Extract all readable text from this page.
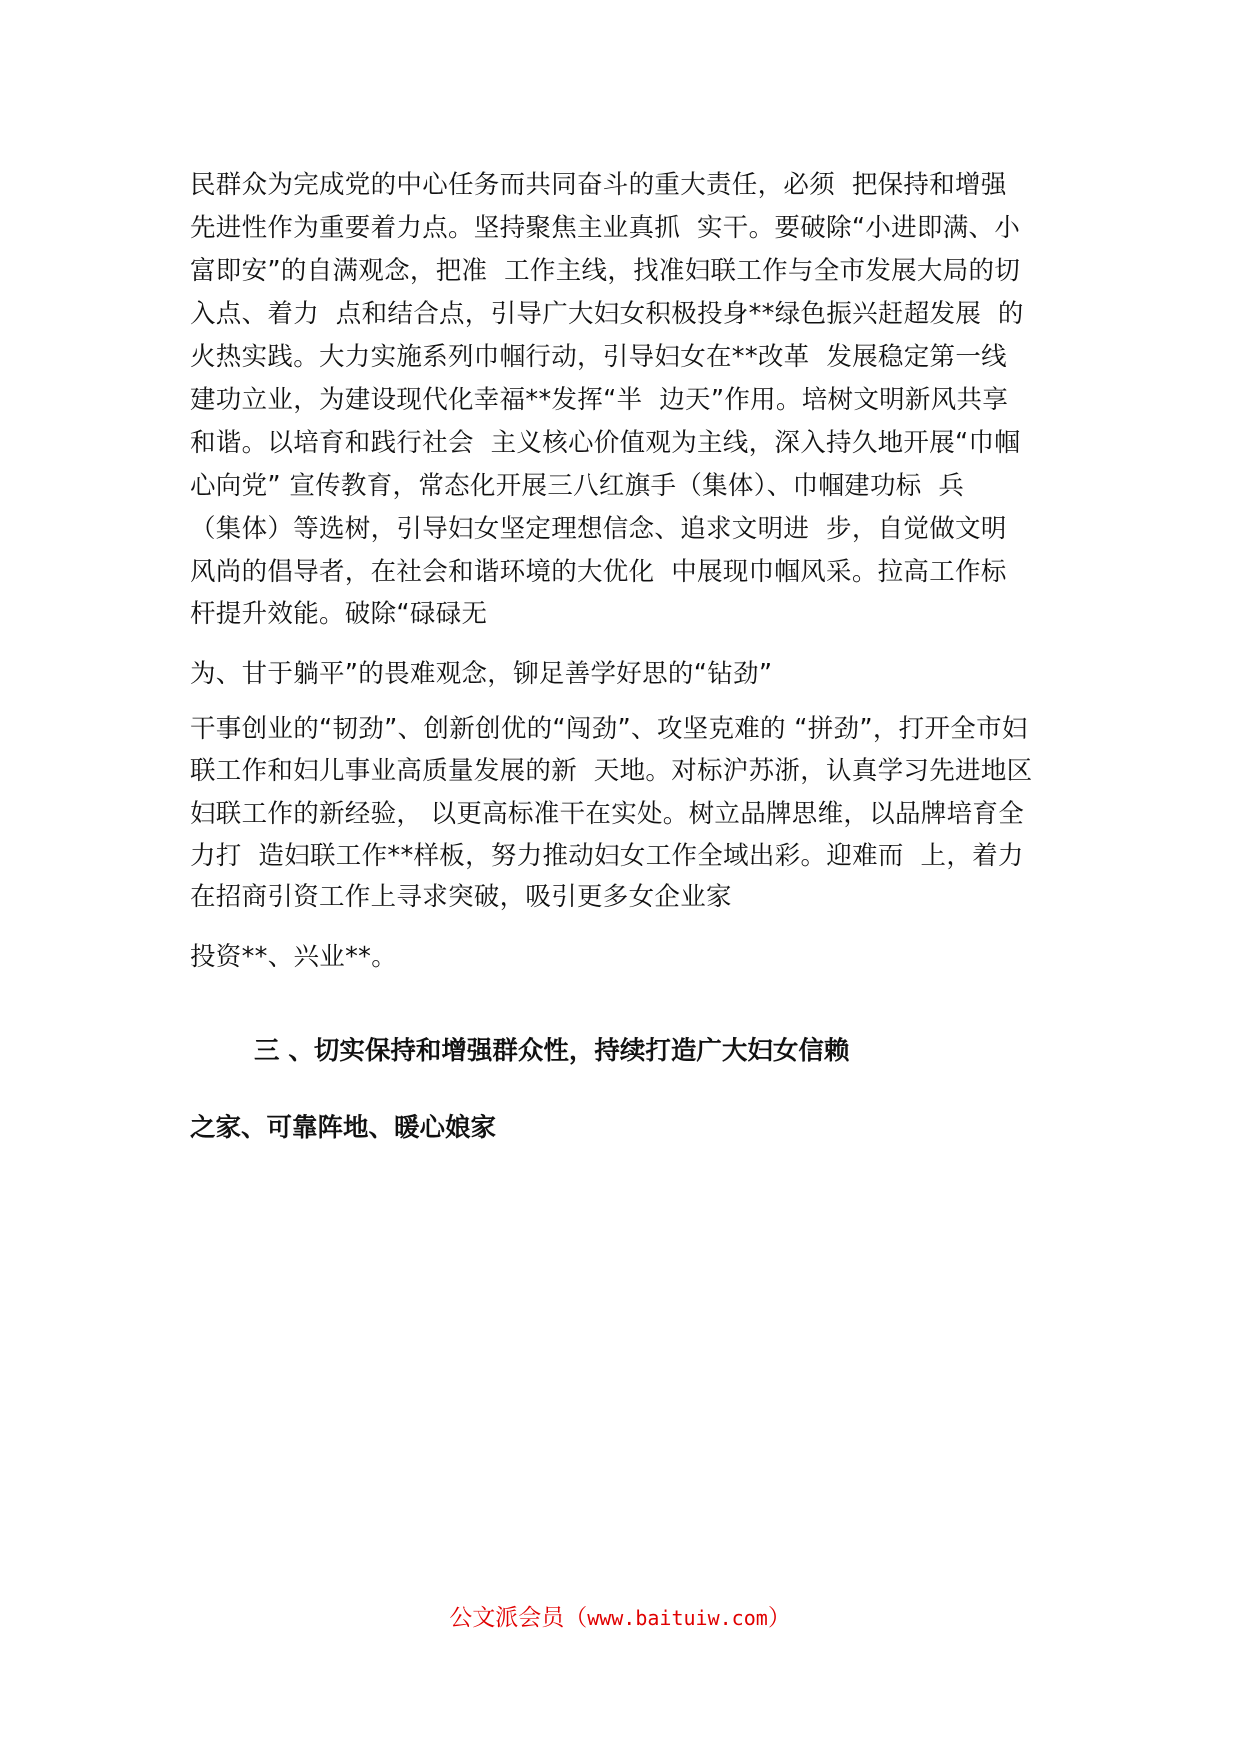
民群众为完成党的中心任务而共同奋斗的重大责任，必须  把保持和增强
先进性作为重要着力点。坚持聚焦主业真抓  实干。要破除“小进即满、小
富即安”的自满观念，把准  工作主线，找准妇联工作与全市发展大局的切
入点、着力  点和结合点，引导广大妇女积极投身**绿色振兴赶超发展  的
火热实践。大力实施系列巾帼行动，引导妇女在**改革  发展稳定第一线
建功立业，为建设现代化幸福**发挥“半  边天”作用。培树文明新风共享
和谐。以培育和践行社会  主义核心价值观为主线，深入持久地开展“巾帼
心向党” 宣传教育，常态化开展三八红旗手（集体）、巾帼建功标  兵
（集体）等选树，引导妇女坚定理想信念、追求文明进  步，自觉做文明
风尚的倡导者，在社会和谐环境的大优化  中展现巾帼风采。拉高工作标
杆提升效能。破除“碌碌无
为、甘于躺平”的畏难观念，铆足善学好思的“钻劲”
干事创业的“韧劲”、创新创优的“闯劲”、攻坚克难的 “拼劲”，打开全市妇
联工作和妇儿事业高质量发展的新  天地。对标沪苏浙，认真学习先进地区
妇联工作的新经验， 以更高标准干在实处。树立品牌思维，以品牌培育全
力打  造妇联工作**样板，努力推动妇女工作全域出彩。迎难而  上，着力
在招商引资工作上寻求突破，吸引更多女企业家
投资**、兴业**。
三 、切实保持和增强群众性，持续打造广大妇女信赖
之家、可靠阵地、暖心娘家
公文派会员（www.baituiw.com）
